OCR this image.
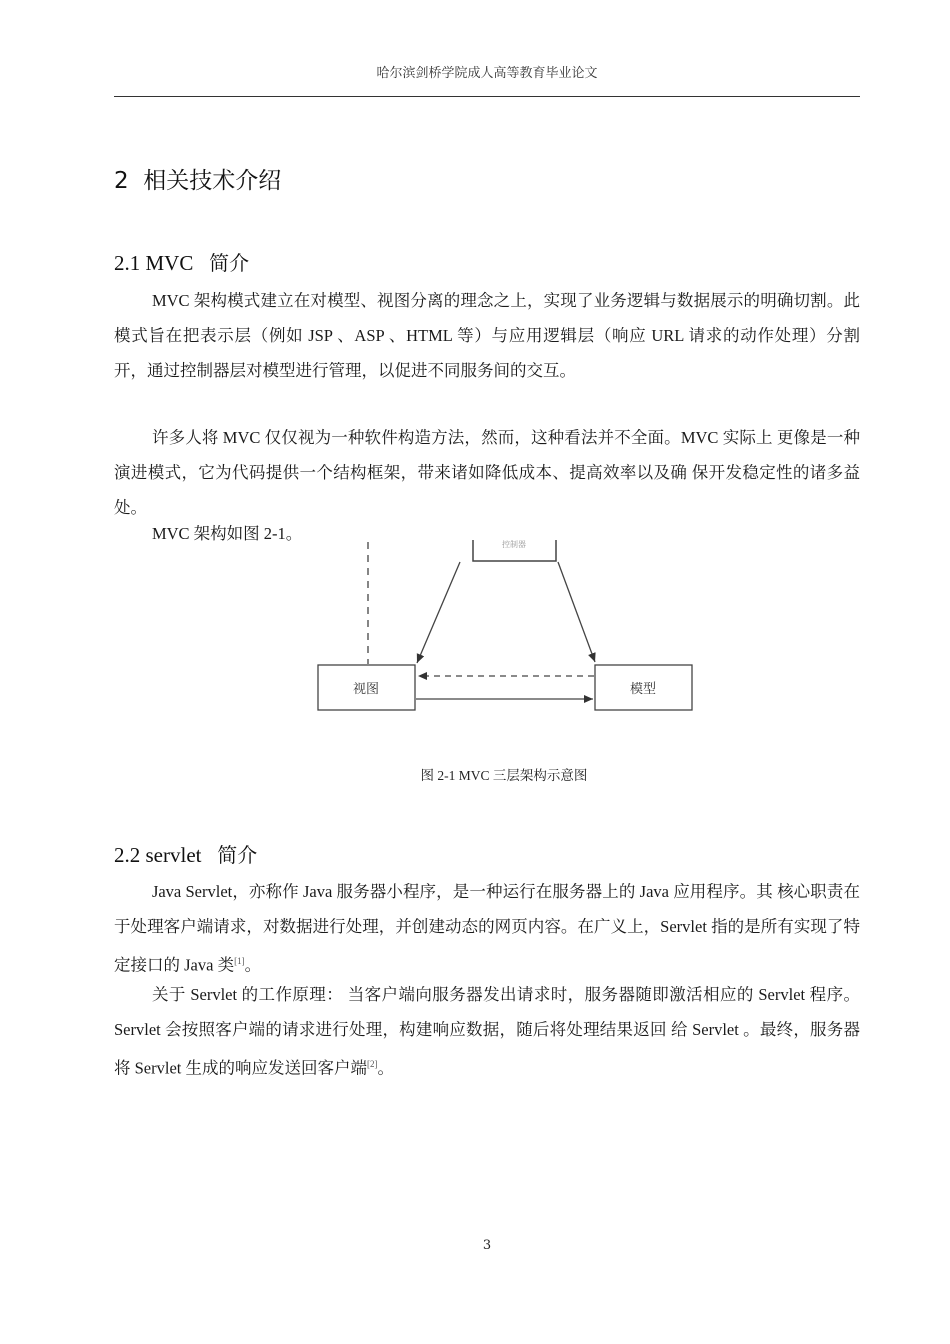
哈尔滨剑桥学院成人高等教育毕业论文
2 相关技术介绍
2.1 MVC 简介

MVC 架构模式建立在对模型、视图分离的理念之上，实现了业务逻辑与数据展示的明确切割。此模式旨在把表示层（例如 JSP 、ASP 、HTML 等）与应用逻辑层（响应 URL 请求的动作处理）分割开，通过控制器层对模型进行管理，以促进不同服务间的交互。

许多人将 MVC 仅仅视为一种软件构造方法，然而，这种看法并不全面。MVC 实际上 更像是一种演进模式，它为代码提供一个结构框架，带来诸如降低成本、提高效率以及确 保开发稳定性的诸多益处。

MVC 架构如图 2-1。

控制器
视图	模型
图 2-1 MVC 三层架构示意图
2.2 servlet 简介

Java Servlet，亦称作 Java 服务器小程序，是一种运行在服务器上的 Java 应用程序。其 核心职责在于处理客户端请求，对数据进行处理，并创建动态的网页内容。在广义上，Servlet 指的是所有实现了特定接口的 Java 类[1]。

关于 Servlet 的工作原理： 当客户端向服务器发出请求时，服务器随即激活相应的 Servlet 程序。Servlet 会按照客户端的请求进行处理，构建响应数据，随后将处理结果返回 给 Servlet 。最终，服务器将 Servlet 生成的响应发送回客户端[2]。

3
